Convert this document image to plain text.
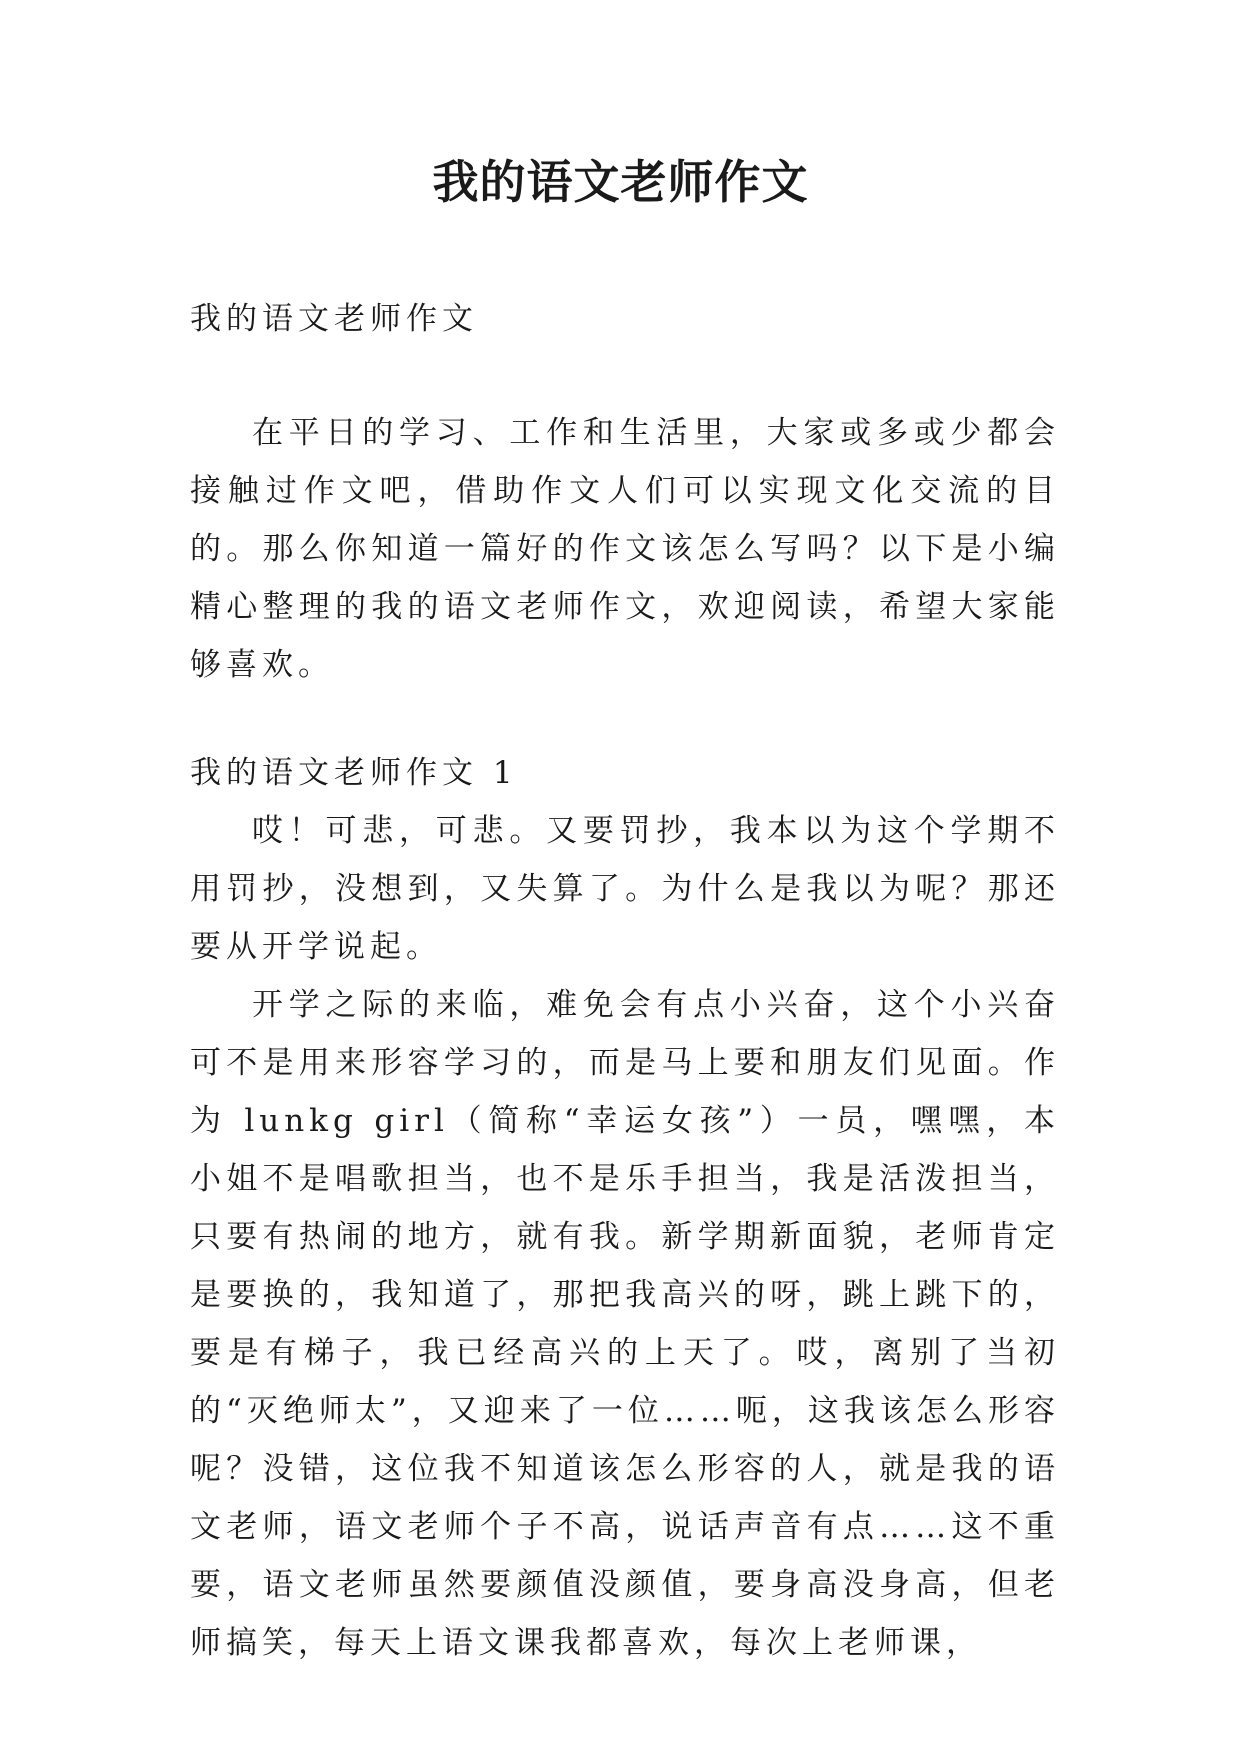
我的语文老师作文

我的语文老师作文

在平日的学习、工作和生活里，大家或多或少都会接触过作文吧，借助作文人们可以实现文化交流的目的。那么你知道一篇好的作文该怎么写吗？以下是小编精心整理的我的语文老师作文，欢迎阅读，希望大家能够喜欢。

我的语文老师作文 1

哎！可悲，可悲。又要罚抄，我本以为这个学期不用罚抄，没想到，又失算了。为什么是我以为呢？那还要从开学说起。

开学之际的来临，难免会有点小兴奋，这个小兴奋可不是用来形容学习的，而是马上要和朋友们见面。作为 lunkg girl（简称“幸运女孩”）一员，嘿嘿，本小姐不是唱歌担当，也不是乐手担当，我是活泼担当，只要有热闹的地方，就有我。新学期新面貌，老师肯定是要换的，我知道了，那把我高兴的呀，跳上跳下的，要是有梯子，我已经高兴的上天了。哎，离别了当初的“灭绝师太”，又迎来了一位……呃，这我该怎么形容呢？没错，这位我不知道该怎么形容的人，就是我的语文老师，语文老师个子不高，说话声音有点……这不重要，语文老师虽然要颜值没颜值，要身高没身高，但老师搞笑，每天上语文课我都喜欢，每次上老师课，
